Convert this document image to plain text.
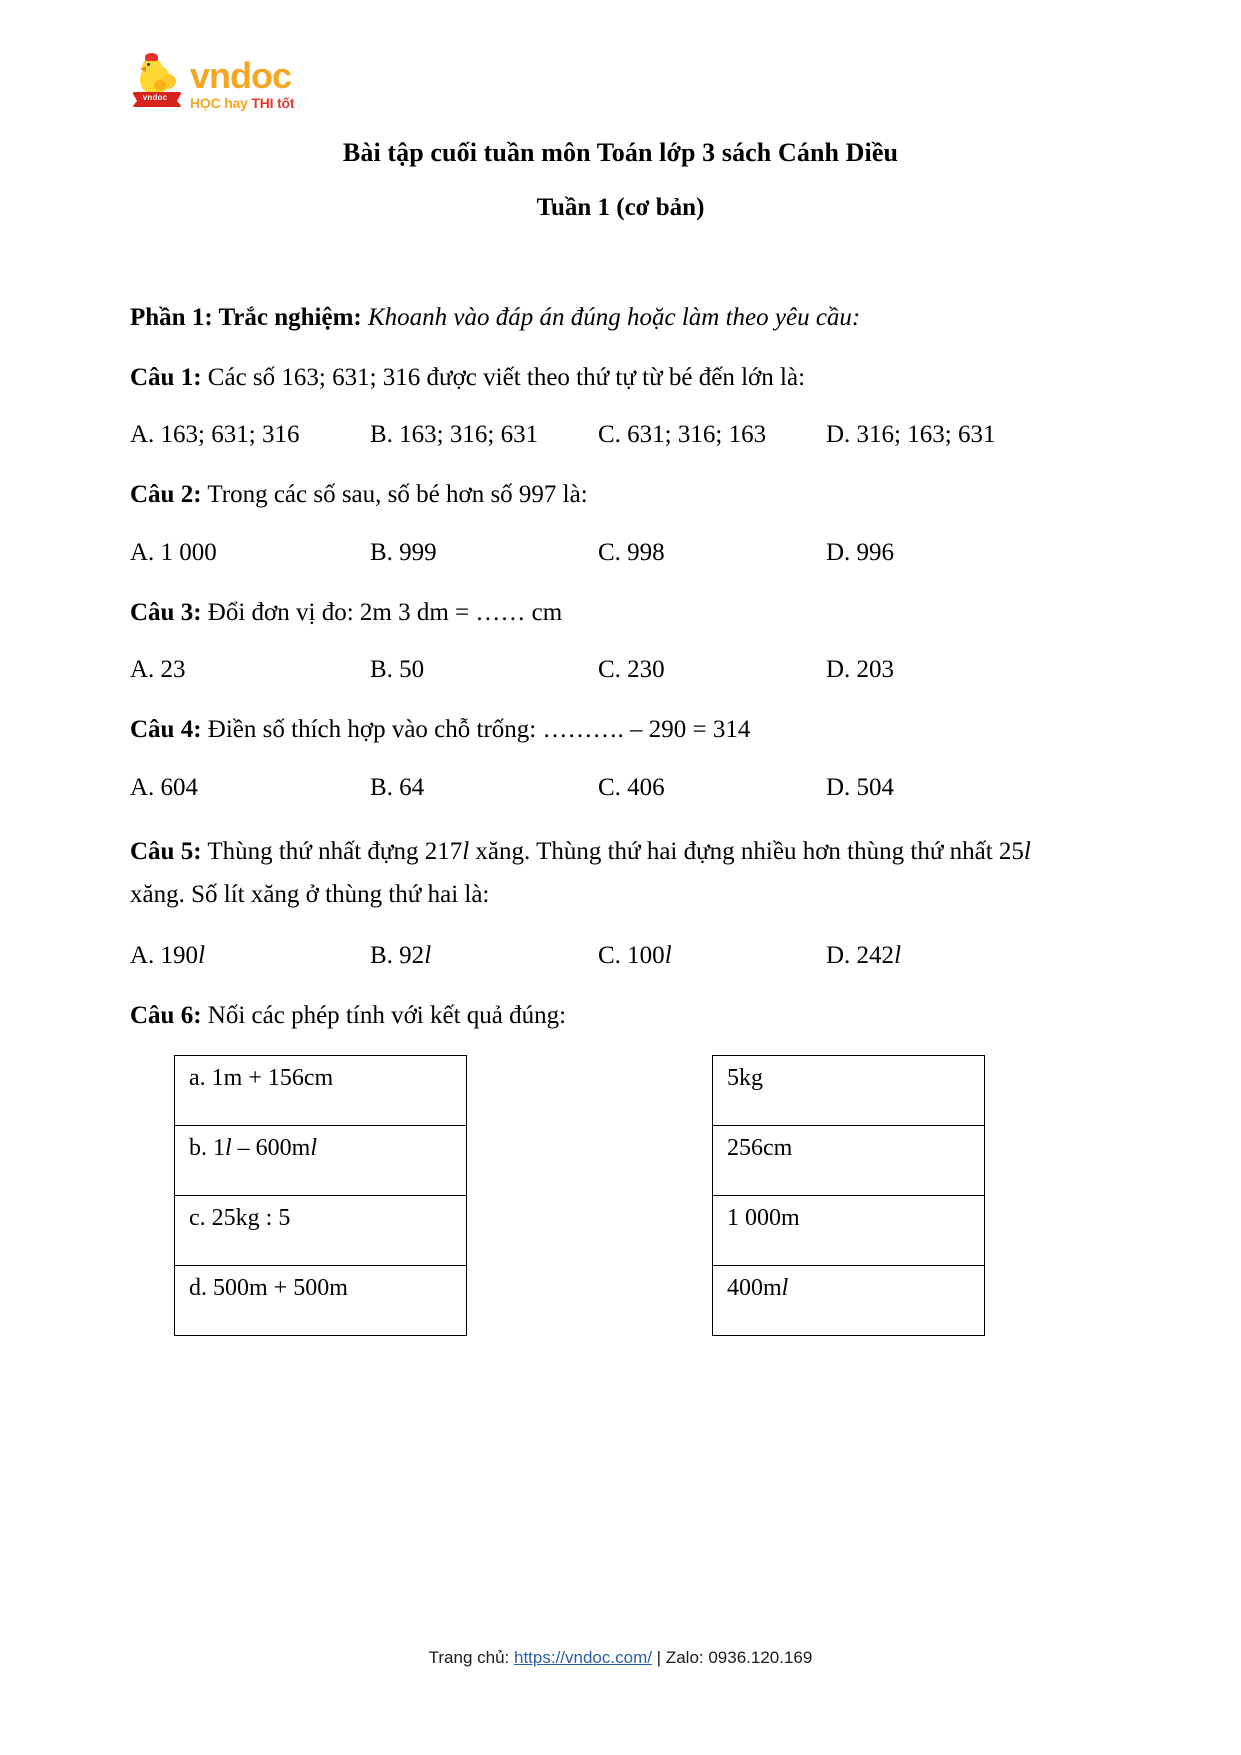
vndoc
vndoc
HỌC hay THI tốt
Bài tập cuối tuần môn Toán lớp 3 sách Cánh Diều
Tuần 1 (cơ bản)

Phần 1: Trắc nghiệm: Khoanh vào đáp án đúng hoặc làm theo yêu cầu:

Câu 1: Các số 163; 631; 316 được viết theo thứ tự từ bé đến lớn là:

A. 163; 631; 316	B. 163; 316; 631	C. 631; 316; 163	D. 316; 163; 631

Câu 2: Trong các số sau, số bé hơn số 997 là:

A. 1 000	B. 999	C. 998	D. 996

Câu 3: Đổi đơn vị đo: 2m 3 dm = …… cm

A. 23	B. 50	C. 230	D. 203

Câu 4: Điền số thích hợp vào chỗ trống: ………. – 290 = 314

A. 604	B. 64	C. 406	D. 504

Câu 5: Thùng thứ nhất đựng 217l xăng. Thùng thứ hai đựng nhiều hơn thùng thứ nhất 25l xăng. Số lít xăng ở thùng thứ hai là:

A. 190l	B. 92l	C. 100l	D. 242l

Câu 6: Nối các phép tính với kết quả đúng:

a. 1m + 156cm
b. 1l – 600ml
c. 25kg : 5
d. 500m + 500m
5kg
256cm
1 000m
400ml
Trang chủ: https://vndoc.com/ | Zalo: 0936.120.169
